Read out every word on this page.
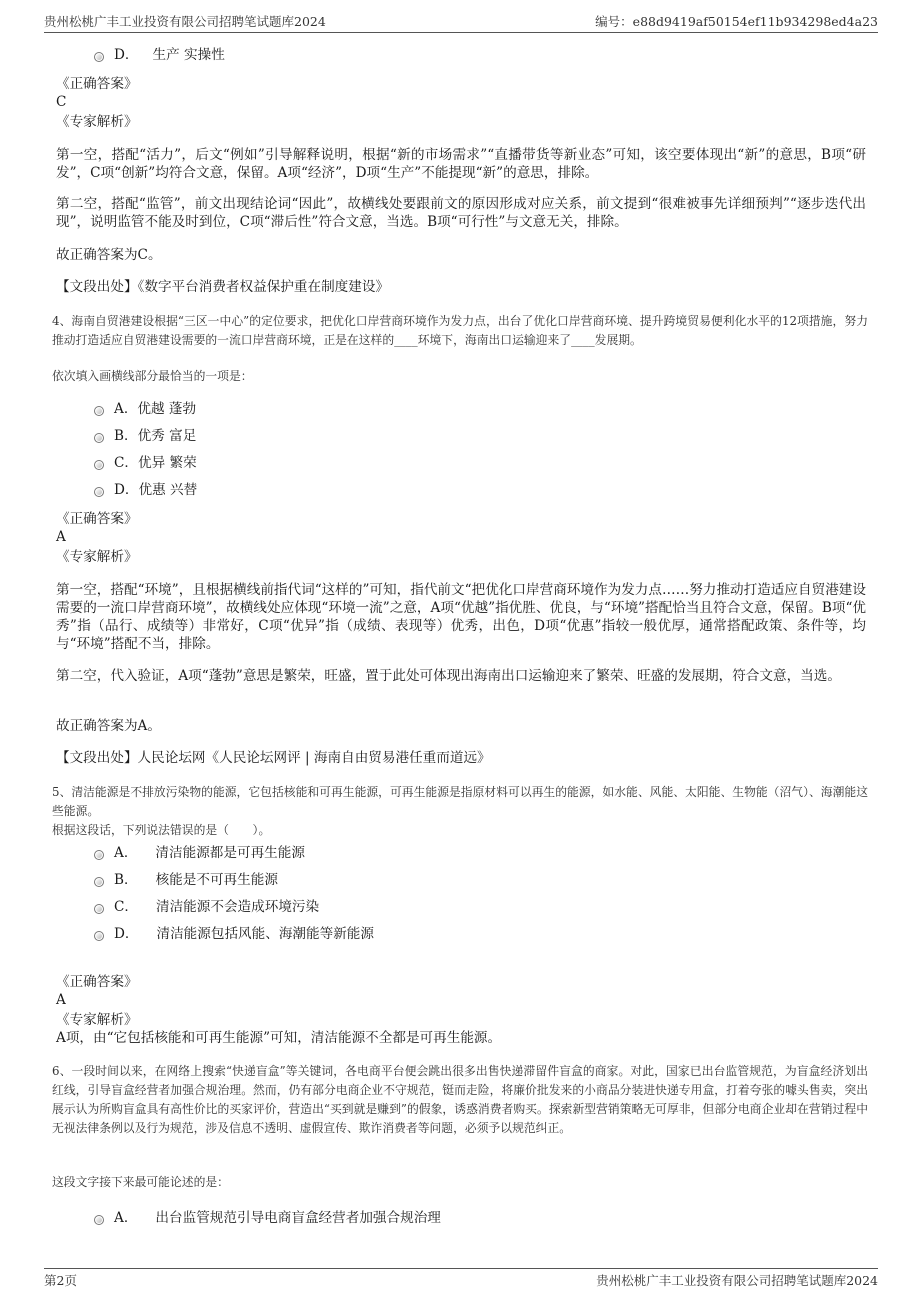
贵州松桃广丰工业投资有限公司招聘笔试题库2024	编号：e88d9419af50154ef11b934298ed4a23
D． 生产 实操性
《正确答案》
C
《专家解析》
第一空，搭配“活力”，后文“例如”引导解释说明，根据“新的市场需求”“直播带货等新业态”可知，该空要体现出“新”的意思，B项“研发”，C项“创新”均符合文意，保留。A项“经济”，D项“生产”不能提现“新”的意思，排除。
第二空，搭配“监管”，前文出现结论词“因此”，故横线处要跟前文的原因形成对应关系，前文提到“很难被事先详细预判”“逐步迭代出现”，说明监管不能及时到位，C项“滞后性”符合文意，当选。B项“可行性”与文意无关，排除。
故正确答案为C。
【文段出处】《数字平台消费者权益保护重在制度建设》
4、海南自贸港建设根据“三区一中心”的定位要求，把优化口岸营商环境作为发力点，出台了优化口岸营商环境、提升跨境贸易便利化水平的12项措施，努力推动打造适应自贸港建设需要的一流口岸营商环境，正是在这样的____环境下，海南出口运输迎来了____发展期。
依次填入画横线部分最恰当的一项是：
A． 优越 蓬勃
B． 优秀 富足
C． 优异 繁荣
D． 优惠 兴替
《正确答案》
A
《专家解析》
第一空，搭配“环境”，且根据横线前指代词“这样的”可知，指代前文“把优化口岸营商环境作为发力点……努力推动打造适应自贸港建设需要的一流口岸营商环境”，故横线处应体现“环境一流”之意，A项“优越”指优胜、优良，与“环境”搭配恰当且符合文意，保留。B项“优秀”指（品行、成绩等）非常好，C项“优异”指（成绩、表现等）优秀，出色，D项“优惠”指较一般优厚，通常搭配政策、条件等，均与“环境”搭配不当，排除。
第二空，代入验证，A项“蓬勃”意思是繁荣，旺盛，置于此处可体现出海南出口运输迎来了繁荣、旺盛的发展期，符合文意，当选。
故正确答案为A。
【文段出处】人民论坛网《人民论坛网评 | 海南自由贸易港任重而道远》
5、清洁能源是不排放污染物的能源，它包括核能和可再生能源，可再生能源是指原材料可以再生的能源，如水能、风能、太阳能、生物能（沼气）、海潮能这些能源。
根据这段话，下列说法错误的是（　　）。
A． 清洁能源都是可再生能源
B． 核能是不可再生能源
C． 清洁能源不会造成环境污染
D． 清洁能源包括风能、海潮能等新能源
《正确答案》
A
《专家解析》
A项，由“它包括核能和可再生能源”可知，清洁能源不全都是可再生能源。
6、一段时间以来，在网络上搜索“快递盲盒”等关键词，各电商平台便会跳出很多出售快递滞留件盲盒的商家。对此，国家已出台监管规范，为盲盒经济划出红线，引导盲盒经营者加强合规治理。然而，仍有部分电商企业不守规范，铤而走险，将廉价批发来的小商品分装进快递专用盒，打着夸张的噱头售卖，突出展示认为所购盲盒具有高性价比的买家评价，营造出“买到就是赚到”的假象，诱惑消费者购买。探索新型营销策略无可厚非，但部分电商企业却在营销过程中无视法律条例以及行为规范，涉及信息不透明、虚假宣传、欺诈消费者等问题，必须予以规范纠正。
这段文字接下来最可能论述的是：
A． 出台监管规范引导电商盲盒经营者加强合规治理
第2页	贵州松桃广丰工业投资有限公司招聘笔试题库2024
